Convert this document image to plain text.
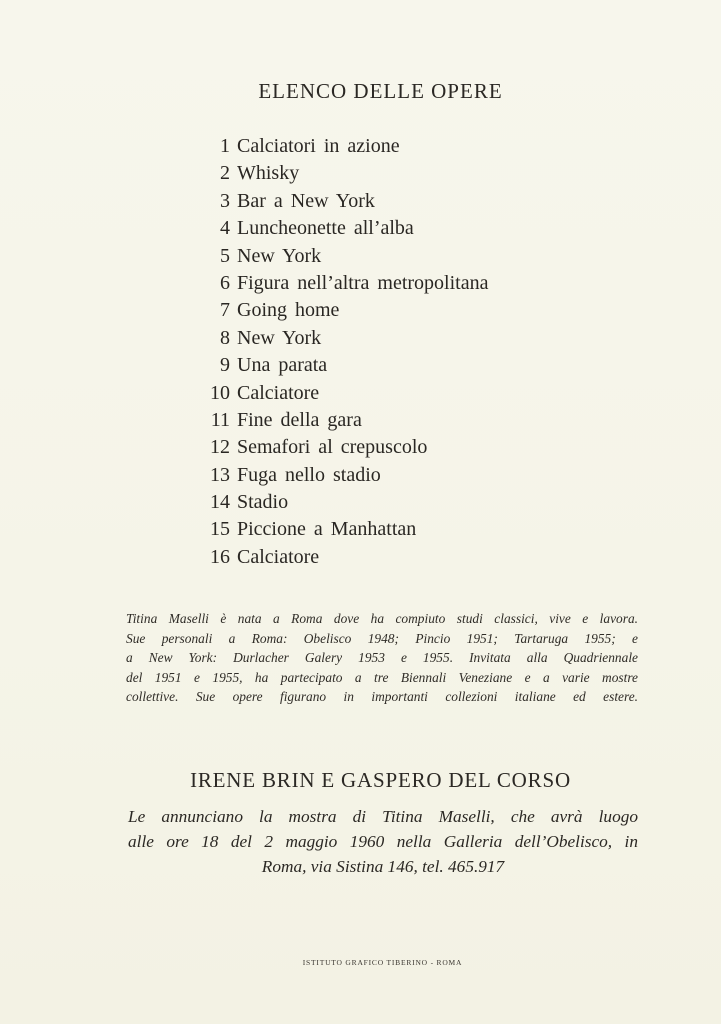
ELENCO DELLE OPERE
1 Calciatori in azione
2 Whisky
3 Bar a New York
4 Luncheonette all’alba
5 New York
6 Figura nell’altra metropolitana
7 Going home
8 New York
9 Una parata
10 Calciatore
11 Fine della gara
12 Semafori al crepuscolo
13 Fuga nello stadio
14 Stadio
15 Piccione a Manhattan
16 Calciatore

Titina Maselli è nata a Roma dove ha compiuto studi classici, vive e lavora.

Sue personali a Roma: Obelisco 1948; Pincio 1951; Tartaruga 1955; e

a New York: Durlacher Galery 1953 e 1955. Invitata alla Quadriennale

del 1951 e 1955, ha partecipato a tre Biennali Veneziane e a varie mostre

collettive. Sue opere figurano in importanti collezioni italiane ed estere.

IRENE BRIN E GASPERO DEL CORSO

Le annunciano la mostra di Titina Maselli, che avrà luogo

alle ore 18 del 2 maggio 1960 nella Galleria dell’Obelisco, in

Roma, via Sistina 146, tel. 465.917

ISTITUTO GRAFICO TIBERINO - ROMA
